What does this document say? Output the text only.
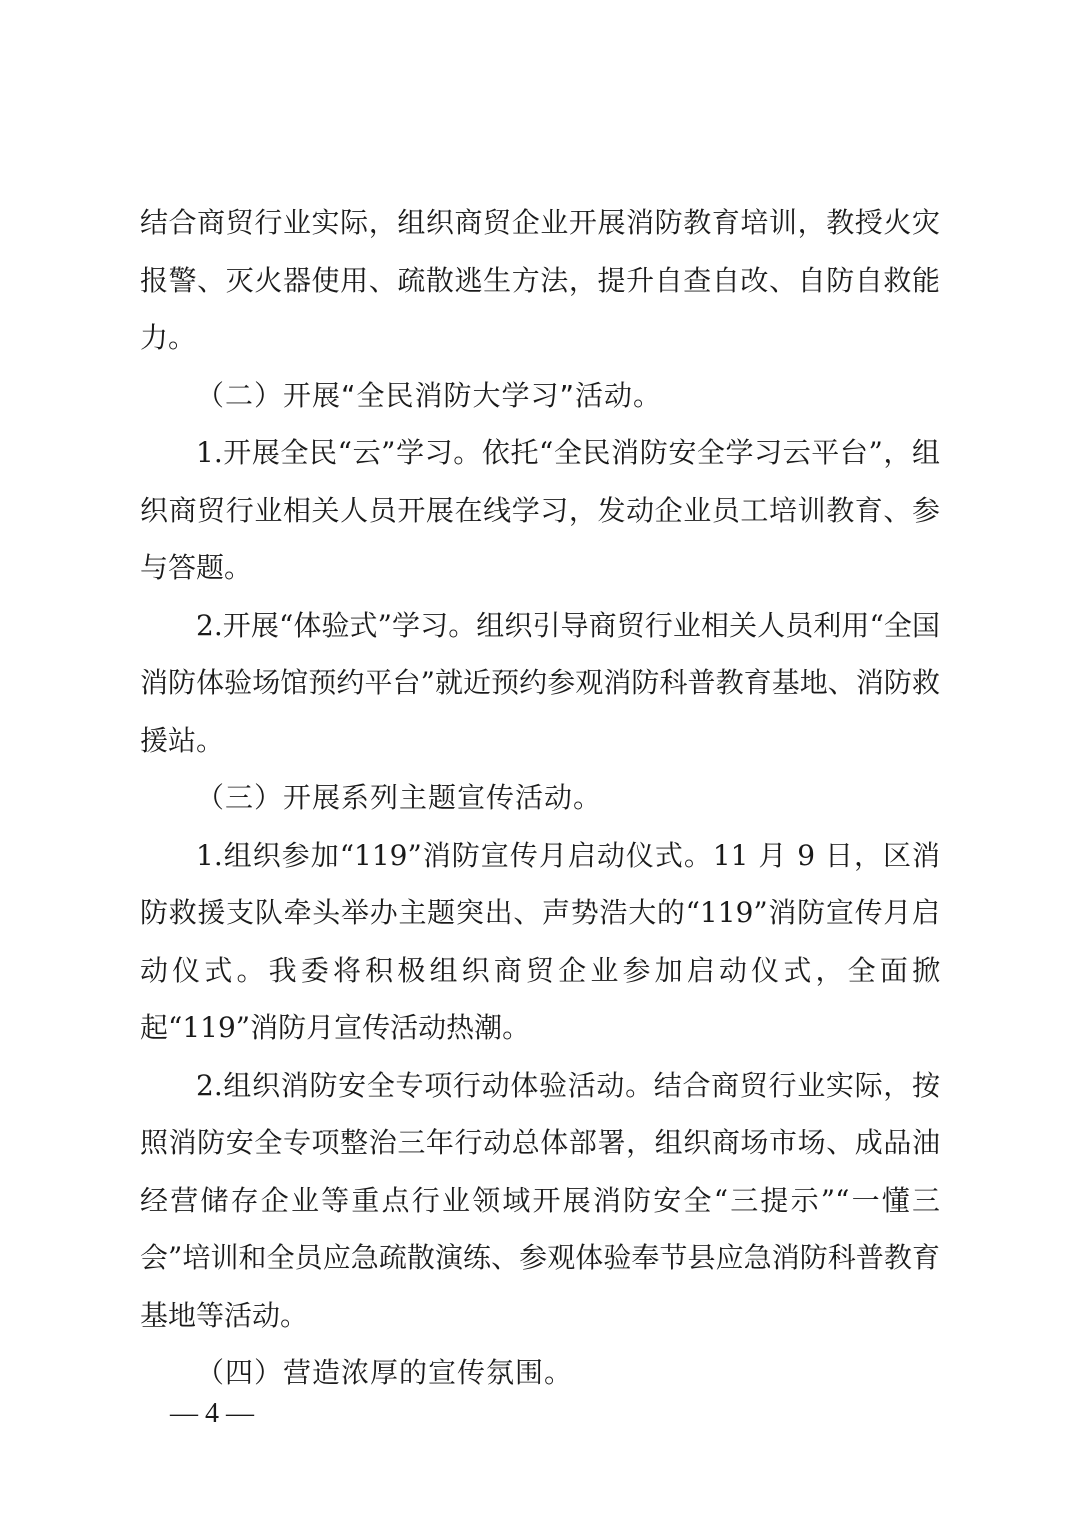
结合商贸行业实际，组织商贸企业开展消防教育培训，教授火灾报警、灭火器使用、疏散逃生方法，提升自查自改、自防自救能力。

（二）开展“全民消防大学习”活动。

1.开展全民“云”学习。依托“全民消防安全学习云平台”，组织商贸行业相关人员开展在线学习，发动企业员工培训教育、参与答题。

2.开展“体验式”学习。组织引导商贸行业相关人员利用“全国消防体验场馆预约平台”就近预约参观消防科普教育基地、消防救援站。

（三）开展系列主题宣传活动。

1.组织参加“119”消防宣传月启动仪式。11 月 9 日，区消防救援支队牵头举办主题突出、声势浩大的“119”消防宣传月启动仪式。我委将积极组织商贸企业参加启动仪式，全面掀起“119”消防月宣传活动热潮。

2.组织消防安全专项行动体验活动。结合商贸行业实际，按照消防安全专项整治三年行动总体部署，组织商场市场、成品油经营储存企业等重点行业领域开展消防安全“三提示”“一懂三会”培训和全员应急疏散演练、参观体验奉节县应急消防科普教育基地等活动。

（四）营造浓厚的宣传氛围。

— 4 —
